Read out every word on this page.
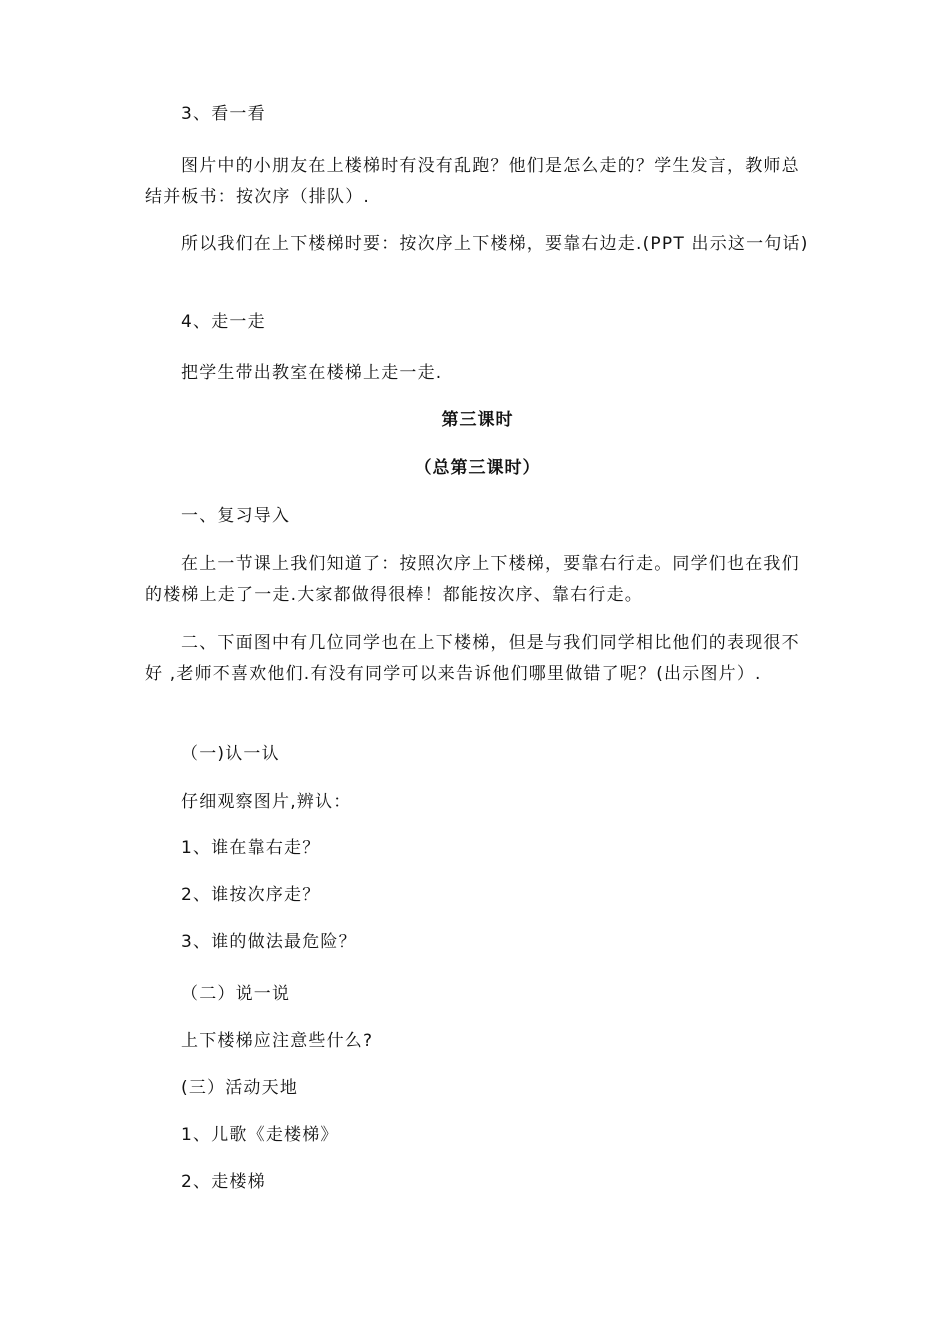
3、看一看

图片中的小朋友在上楼梯时有没有乱跑？他们是怎么走的？学生发言，教师总结并板书：按次序（排队）.

所以我们在上下楼梯时要：按次序上下楼梯，要靠右边走.(PPT 出示这一句话)

4、走一走

把学生带出教室在楼梯上走一走.

第三课时

（总第三课时）

一、复习导入

在上一节课上我们知道了：按照次序上下楼梯，要靠右行走。同学们也在我们的楼梯上走了一走.大家都做得很棒！都能按次序、靠右行走。

二、下面图中有几位同学也在上下楼梯，但是与我们同学相比他们的表现很不好 ,老师不喜欢他们.有没有同学可以来告诉他们哪里做错了呢？(出示图片）.

（一)认一认

仔细观察图片,辨认：

1、谁在靠右走？

2、谁按次序走？

3、谁的做法最危险？

（二）说一说

上下楼梯应注意些什么?

(三）活动天地

1、儿歌《走楼梯》

2、走楼梯
